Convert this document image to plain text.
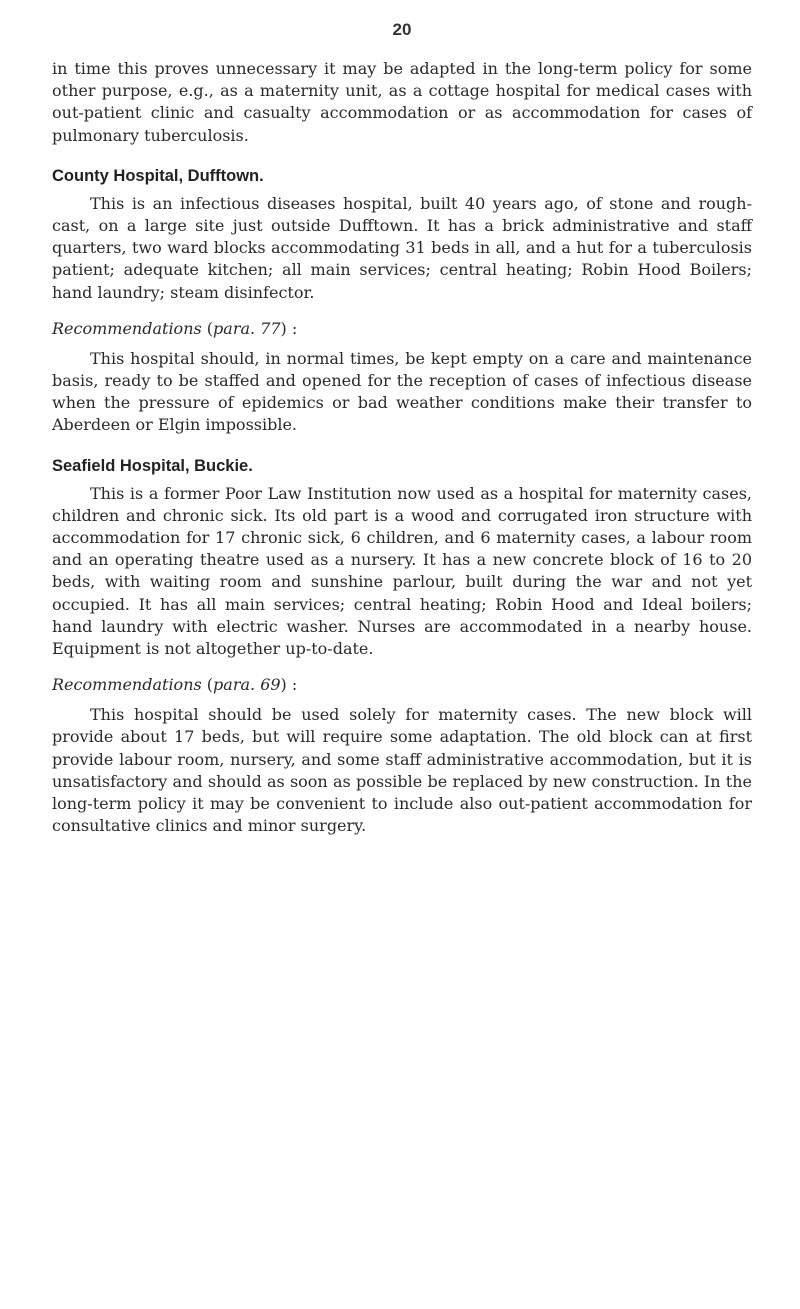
20

in time this proves unnecessary it may be adapted in the long-term policy for some other purpose, e.g., as a maternity unit, as a cottage hospital for medical cases with out-patient clinic and casualty accommodation or as accommodation for cases of pulmonary tuberculosis.

County Hospital, Dufftown.

This is an infectious diseases hospital, built 40 years ago, of stone and rough-cast, on a large site just outside Dufftown. It has a brick administrative and staff quarters, two ward blocks accommodating 31 beds in all, and a hut for a tuberculosis patient; adequate kitchen; all main services; central heating; Robin Hood Boilers; hand laundry; steam disinfector.

Recommendations (para. 77) :

This hospital should, in normal times, be kept empty on a care and maintenance basis, ready to be staffed and opened for the reception of cases of infectious disease when the pressure of epidemics or bad weather conditions make their transfer to Aberdeen or Elgin impossible.

Seafield Hospital, Buckie.

This is a former Poor Law Institution now used as a hospital for maternity cases, children and chronic sick. Its old part is a wood and corrugated iron structure with accommodation for 17 chronic sick, 6 children, and 6 maternity cases, a labour room and an operating theatre used as a nursery. It has a new concrete block of 16 to 20 beds, with waiting room and sunshine parlour, built during the war and not yet occupied. It has all main services; central heating; Robin Hood and Ideal boilers; hand laundry with electric washer. Nurses are accommodated in a nearby house. Equipment is not altogether up-to-date.

Recommendations (para. 69) :

This hospital should be used solely for maternity cases. The new block will provide about 17 beds, but will require some adaptation. The old block can at first provide labour room, nursery, and some staff administrative accommodation, but it is unsatisfactory and should as soon as possible be replaced by new construction. In the long-term policy it may be convenient to include also out-patient accommodation for consultative clinics and minor surgery.
